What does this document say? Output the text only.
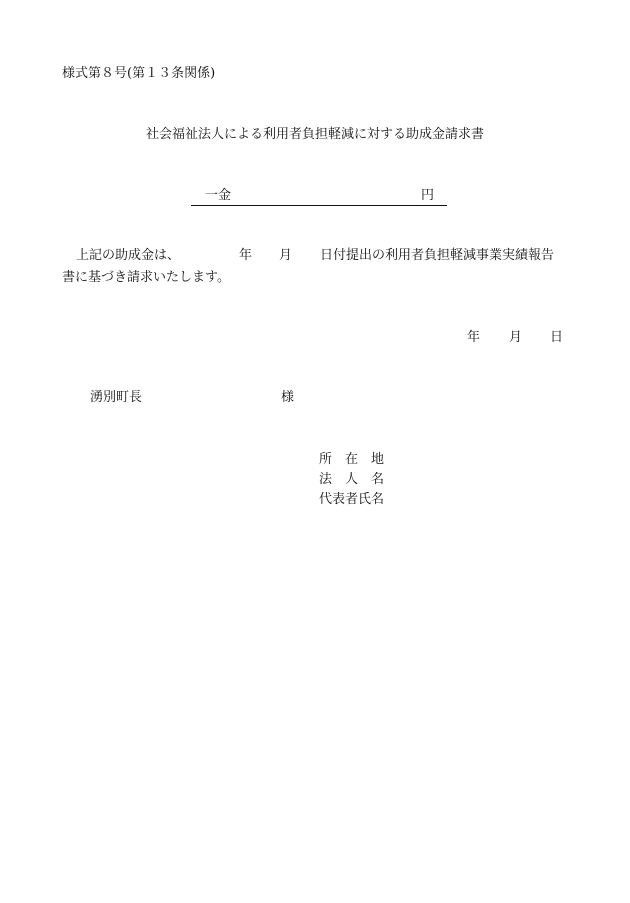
様式第８号(第１３条関係)
社会福祉法人による利用者負担軽減に対する助成金請求書
一金	円
上記の助成金は、	年 月 日付提出の利用者負担軽減事業実績報告
書に基づき請求いたします。
年 月 日
湧別町長	様
所　在　地
法　人　名
代表者氏名
